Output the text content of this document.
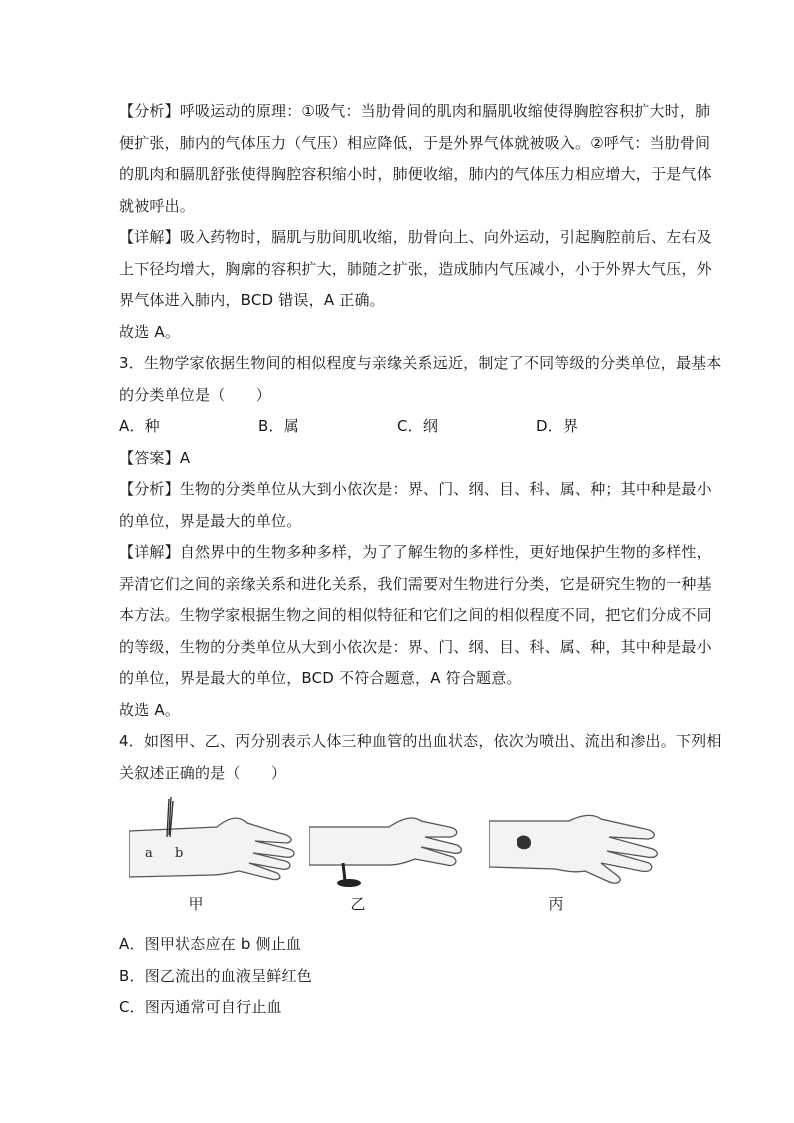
【分析】呼吸运动的原理：①吸气：当肋骨间的肌肉和膈肌收缩使得胸腔容积扩大时，肺
便扩张，肺内的气体压力（气压）相应降低，于是外界气体就被吸入。②呼气：当肋骨间
的肌肉和膈肌舒张使得胸腔容积缩小时，肺便收缩，肺内的气体压力相应增大，于是气体
就被呼出。
【详解】吸入药物时，膈肌与肋间肌收缩，肋骨向上、向外运动，引起胸腔前后、左右及
上下径均增大，胸廓的容积扩大，肺随之扩张，造成肺内气压减小，小于外界大气压，外
界气体进入肺内，BCD 错误，A 正确。
故选 A。
3．生物学家依据生物间的相似程度与亲缘关系远近，制定了不同等级的分类单位，最基本
的分类单位是（　　）
A．种	B．属	C．纲	D．界
【答案】A
【分析】生物的分类单位从大到小依次是：界、门、纲、目、科、属、种；其中种是最小
的单位，界是最大的单位。
【详解】自然界中的生物多种多样，为了了解生物的多样性，更好地保护生物的多样性，
弄清它们之间的亲缘关系和进化关系，我们需要对生物进行分类，它是研究生物的一种基
本方法。生物学家根据生物之间的相似特征和它们之间的相似程度不同，把它们分成不同
的等级，生物的分类单位从大到小依次是：界、门、纲、目、科、属、种，其中种是最小
的单位，界是最大的单位，BCD 不符合题意，A 符合题意。
故选 A。
4．如图甲、乙、丙分别表示人体三种血管的出血状态，依次为喷出、流出和渗出。下列相
关叙述正确的是（　　）
a b
甲	乙	丙
A．图甲状态应在 b 侧止血
B．图乙流出的血液呈鲜红色
C．图丙通常可自行止血
